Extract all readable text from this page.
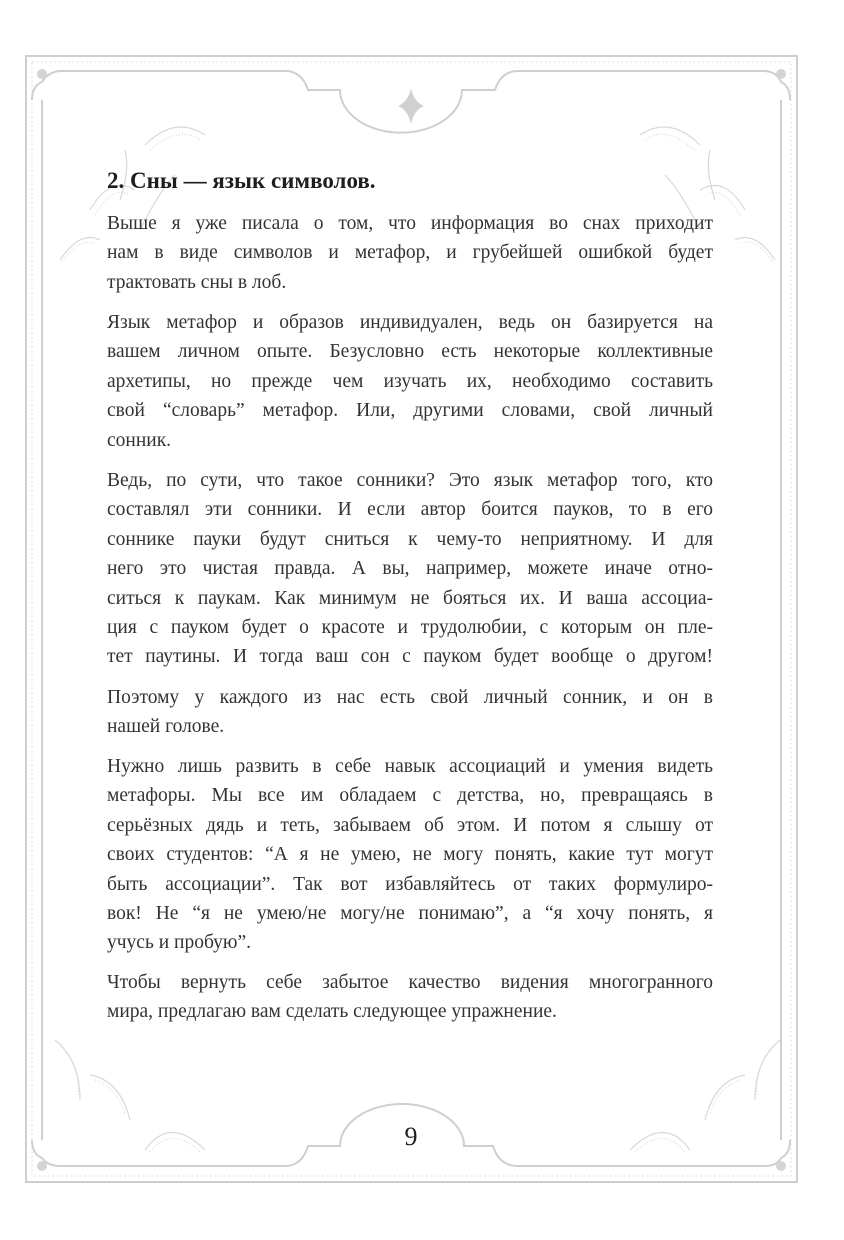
2. Сны — язык символов.
Выше я уже писала о том, что информация во снах приходит
нам в виде символов и метафор, и грубейшей ошибкой будет
трактовать сны в лоб.
Язык метафор и образов индивидуален, ведь он базируется на
вашем личном опыте. Безусловно есть некоторые коллективные
архетипы, но прежде чем изучать их, необходимо составить
свой “словарь” метафор. Или, другими словами, свой личный
сонник.
Ведь, по сути, что такое сонники? Это язык метафор того, кто
составлял эти сонники. И если автор боится пауков, то в его
соннике пауки будут сниться к чему-то неприятному. И для
него это чистая правда. А вы, например, можете иначе отно-
ситься к паукам. Как минимум не бояться их. И ваша ассоциа-
ция с пауком будет о красоте и трудолюбии, с которым он пле-
тет паутины. И тогда ваш сон с пауком будет вообще о другом!
Поэтому у каждого из нас есть свой личный сонник, и он в
нашей голове.
Нужно лишь развить в себе навык ассоциаций и умения видеть
метафоры. Мы все им обладаем с детства, но, превращаясь в
серьёзных дядь и теть, забываем об этом. И потом я слышу от
своих студентов: “А я не умею, не могу понять, какие тут могут
быть ассоциации”. Так вот избавляйтесь от таких формулиро-
вок! Не “я не умею/не могу/не понимаю”, а “я хочу понять, я
учусь и пробую”.
Чтобы вернуть себе забытое качество видения многогранного
мира, предлагаю вам сделать следующее упражнение.
9
